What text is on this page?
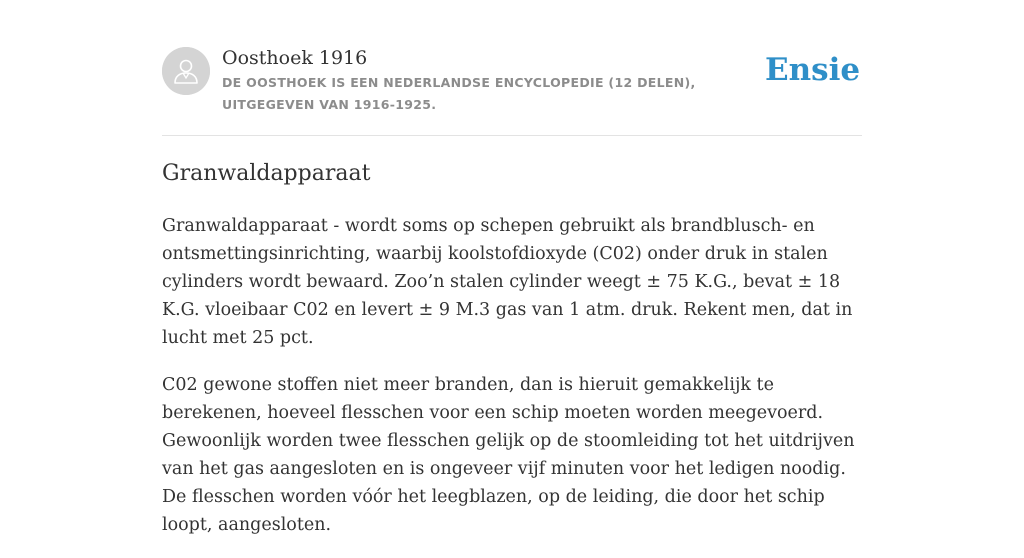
Oosthoek 1916
DE OOSTHOEK IS EEN NEDERLANDSE ENCYCLOPEDIE (12 DELEN), UITGEGEVEN VAN 1916-1925.
Ensie
Granwaldapparaat

Granwaldapparaat - wordt soms op schepen gebruikt als brandblusch- en ontsmettingsinrichting, waarbij koolstofdioxyde (C02) onder druk in stalen cylinders wordt bewaard. Zoo’n stalen cylinder weegt ± 75 K.G., bevat ± 18 K.G. vloeibaar C02 en levert ± 9 M.3 gas van 1 atm. druk. Rekent men, dat in lucht met 25 pct.

C02 gewone stoffen niet meer branden, dan is hieruit gemakkelijk te berekenen, hoeveel flesschen voor een schip moeten worden meegevoerd. Gewoonlijk worden twee flesschen gelijk op de stoomleiding tot het uitdrijven van het gas aangesloten en is ongeveer vijf minuten voor het ledigen noodig. De flesschen worden vóór het leegblazen, op de leiding, die door het schip loopt, aangesloten.
